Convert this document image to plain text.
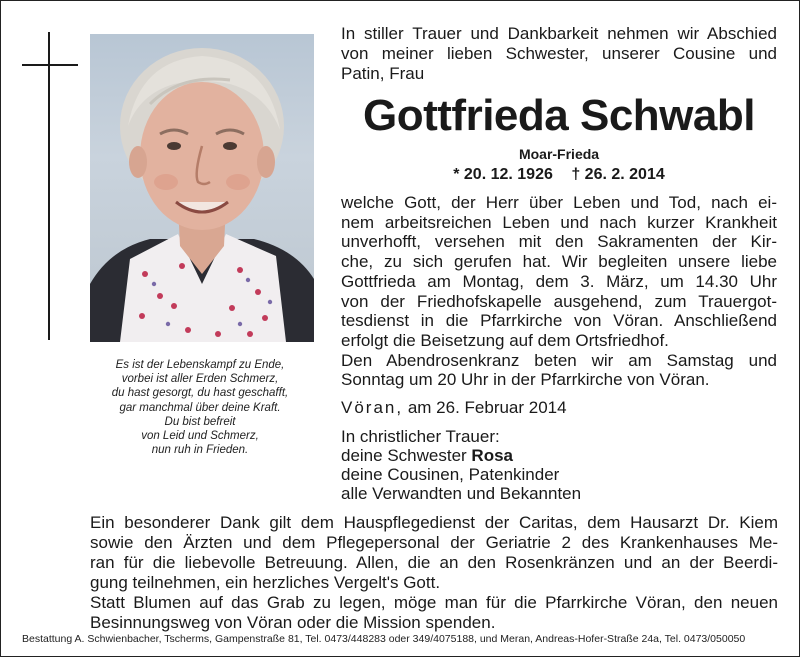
Es ist der Lebenskampf zu Ende,
vorbei ist aller Erden Schmerz,
du hast gesorgt, du hast geschafft,
gar manchmal über deine Kraft.
Du bist befreit
von Leid und Schmerz,
nun ruh in Frieden.
In stiller Trauer und Dankbarkeit nehmen wir Abschied
von meiner lieben Schwester, unserer Cousine und
Patin, Frau
Gottfrieda Schwabl
Moar-Frieda
* 20. 12. 1926 † 26. 2. 2014
welche Gott, der Herr über Leben und Tod, nach ei-
nem arbeitsreichen Leben und nach kurzer Krankheit
unverhofft, versehen mit den Sakramenten der Kir-
che, zu sich gerufen hat. Wir begleiten unsere liebe
Gottfrieda am Montag, dem 3. März, um 14.30 Uhr
von der Friedhofskapelle ausgehend, zum Trauergot-
tesdienst in die Pfarrkirche von Vöran. Anschließend
erfolgt die Beisetzung auf dem Ortsfriedhof.
Den Abendrosenkranz beten wir am Samstag und
Sonntag um 20 Uhr in der Pfarrkirche von Vöran.
Vöran, am 26. Februar 2014
In christlicher Trauer:
deine Schwester Rosa
deine Cousinen, Patenkinder
alle Verwandten und Bekannten
Ein besonderer Dank gilt dem Hauspflegedienst der Caritas, dem Hausarzt Dr. Kiem
sowie den Ärzten und dem Pflegepersonal der Geriatrie 2 des Krankenhauses Me-
ran für die liebevolle Betreuung. Allen, die an den Rosenkränzen und an der Beerdi-
gung teilnehmen, ein herzliches Vergelt's Gott.
Statt Blumen auf das Grab zu legen, möge man für die Pfarrkirche Vöran, den neuen
Besinnungsweg von Vöran oder die Mission spenden.
Bestattung A. Schwienbacher, Tscherms, Gampenstraße 81, Tel. 0473/448283 oder 349/4075188, und Meran, Andreas-Hofer-Straße 24a, Tel. 0473/050050
